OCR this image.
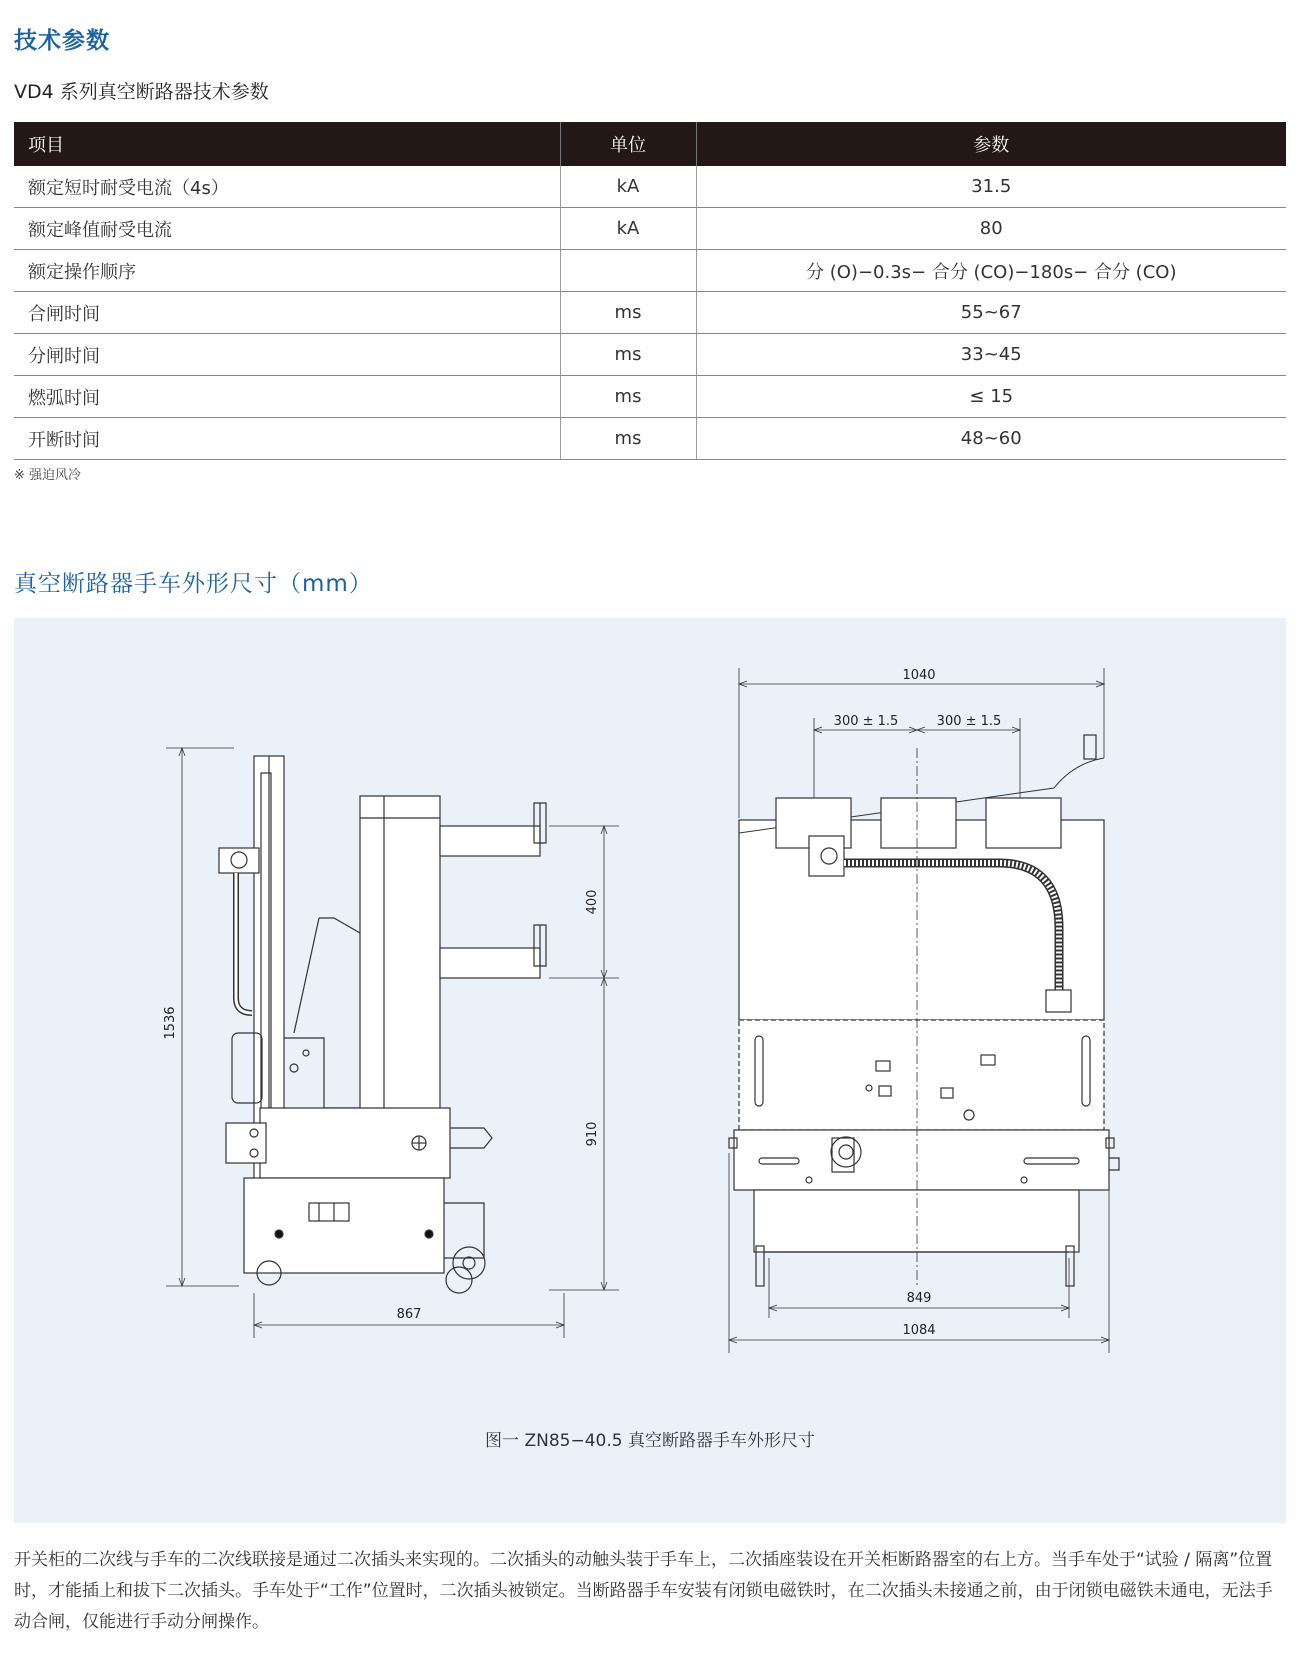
技术参数
VD4 系列真空断路器技术参数
项目	单位	参数
额定短时耐受电流（4s）	kA	31.5
额定峰值耐受电流	kA	80
额定操作顺序		分 (O)−0.3s− 合分 (CO)−180s− 合分 (CO)
合闸时间	ms	55~67
分闸时间	ms	33~45
燃弧时间	ms	≤ 15
开断时间	ms	48~60
※ 强迫风冷
真空断路器手车外形尺寸（mm）
1536
400
910
867
1040
300 ± 1.5	300 ± 1.5
849
1084
图一 ZN85−40.5 真空断路器手车外形尺寸
开关柜的二次线与手车的二次线联接是通过二次插头来实现的。二次插头的动触头装于手车上，二次插座装设在开关柜断路器室的右上方。当手车处于“试验 / 隔离”位置时，才能插上和拔下二次插头。手车处于“工作”位置时，二次插头被锁定。当断路器手车安装有闭锁电磁铁时，在二次插头未接通之前，由于闭锁电磁铁未通电，无法手动合闸，仅能进行手动分闸操作。
